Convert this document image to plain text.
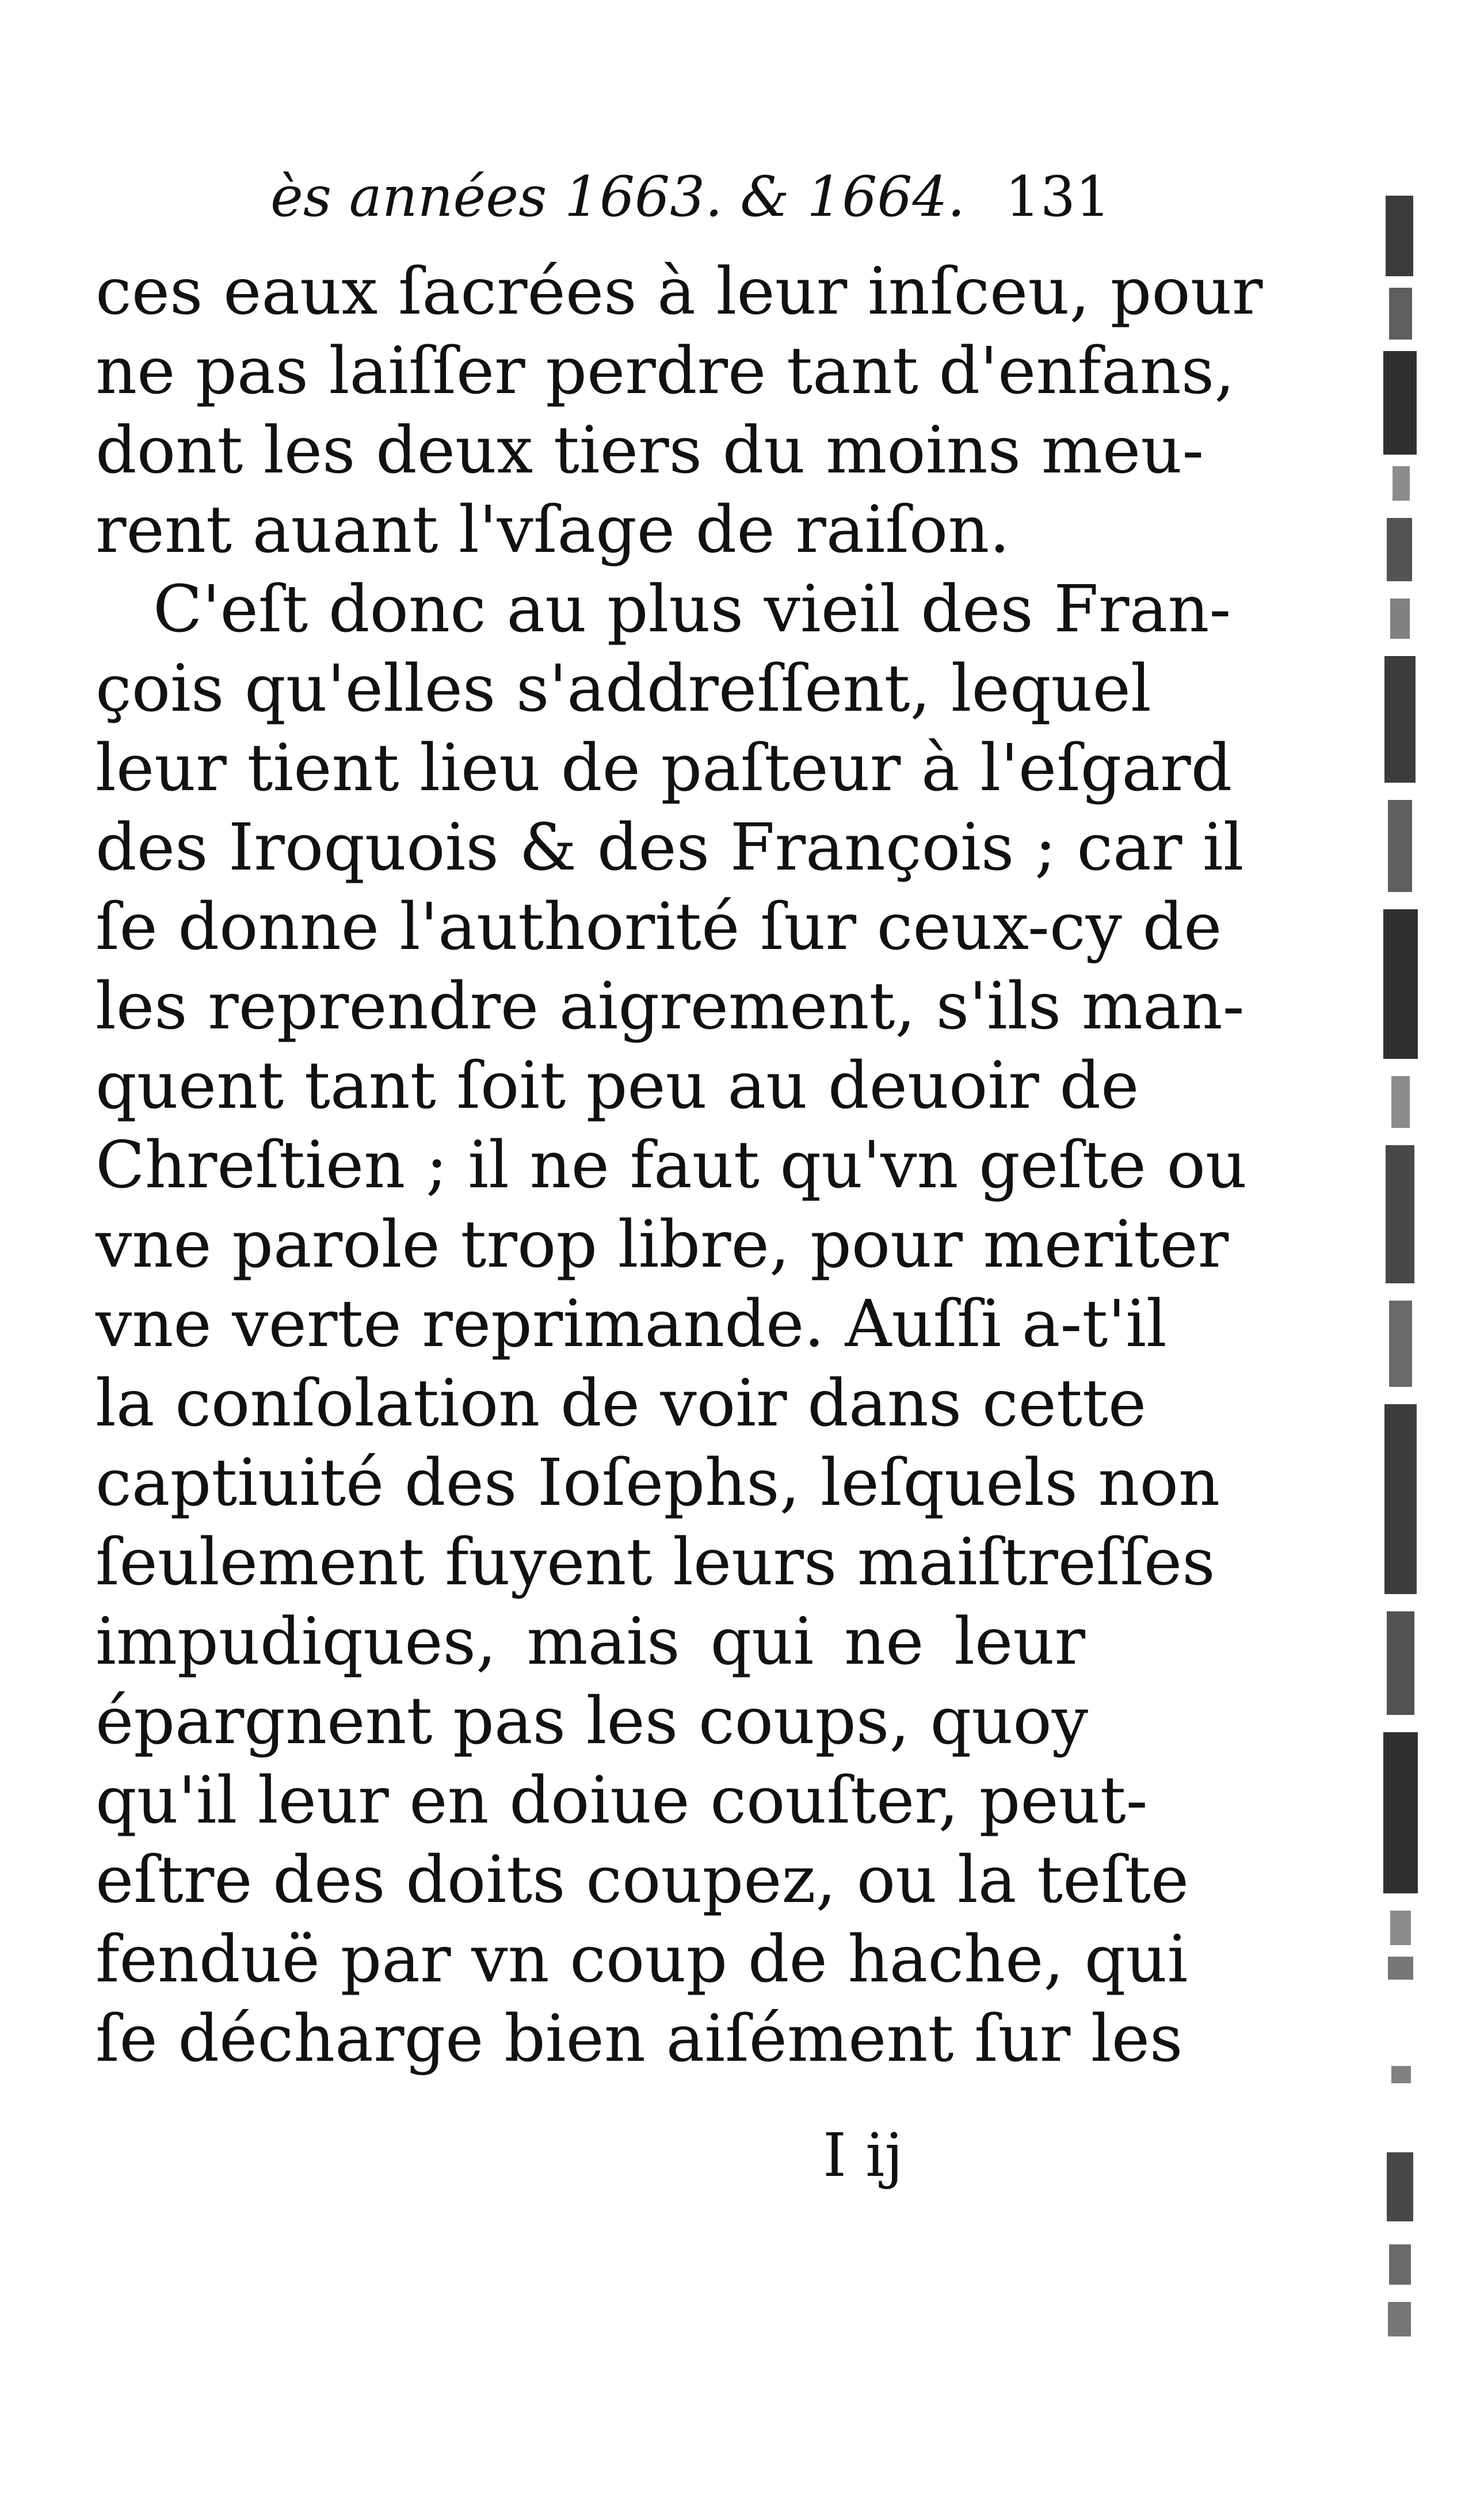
ès années 1663. & 1664. 131
ces eaux ſacrées à leur inſceu, pour
ne pas laiſſer perdre tant d'enfans,
dont les deux tiers du moins meu-
rent auant l'vſage de raiſon.
C'eſt donc au plus vieil des Fran-
çois qu'elles s'addreſſent, lequel
leur tient lieu de paſteur à l'eſgard
des Iroquois & des François ; car il
ſe donne l'authorité ſur ceux-cy de
les reprendre aigrement, s'ils man-
quent tant ſoit peu au deuoir de
Chreſtien ; il ne faut qu'vn geſte ou
vne parole trop libre, pour meriter
vne verte reprimande. Auſſi a-t'il
la conſolation de voir dans cette
captiuité des Ioſephs, leſquels non
ſeulement fuyent leurs maiſtreſſes
impudiques, mais qui ne leur
épargnent pas les coups, quoy
qu'il leur en doiue couſter, peut-
eſtre des doits coupez, ou la teſte
fenduë par vn coup de hache, qui
ſe décharge bien aiſément ſur les
I ij
